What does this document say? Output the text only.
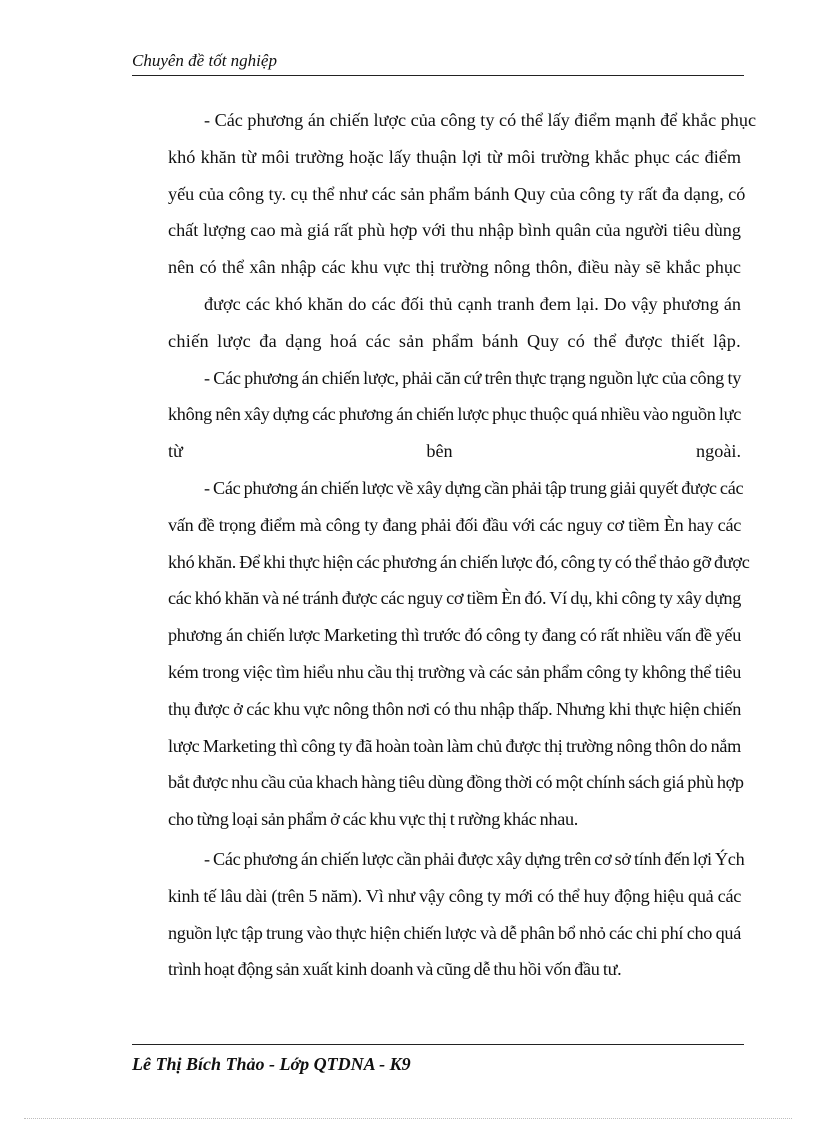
Chuyên đề tốt nghiệp
- Các phương án chiến lược của công ty có thể lấy điểm mạnh để khắc phục
khó khăn từ môi trường hoặc lấy thuận lợi từ môi trường khắc phục các điểm
yếu của công ty. cụ thể như các sản phẩm bánh Quy của công ty rất đa dạng, có
chất lượng cao mà giá rất phù hợp với thu nhập bình quân của người tiêu dùng
nên có thể xân nhập các khu vực thị trường nông thôn, điều này sẽ khắc phục
được các khó khăn do các đối thủ cạnh tranh đem lại. Do vậy phương án
chiến lược đa dạng hoá các sản phẩm bánh Quy có thể được thiết lập.
- Các phương án chiến lược, phải căn cứ trên thực trạng nguồn lực của công ty
không nên xây dựng các phương án chiến lược phục thuộc quá nhiều vào nguồn lực
từ bên ngoài.
- Các phương án chiến lược về xây dựng cần phải tập trung giải quyết được các
vấn đề trọng điểm mà công ty đang phải đối đầu với các nguy cơ tiềm Èn hay các
khó khăn. Để khi thực hiện các phương án chiến lược đó, công ty có thể thảo gỡ được
các khó khăn và né tránh được các nguy cơ tiềm Èn đó. Ví dụ, khi công ty xây dựng
phương án chiến lược Marketing thì trước đó công ty đang có rất nhiều vấn đề yếu
kém trong việc tìm hiểu nhu cầu thị trường và các sản phẩm công ty không thể tiêu
thụ được ở các khu vực nông thôn nơi có thu nhập thấp. Nhưng khi thực hiện chiến
lược Marketing thì công ty đã hoàn toàn làm chủ được thị trường nông thôn do nắm
bắt được nhu cầu của khach hàng tiêu dùng đồng thời có một chính sách giá phù hợp
cho từng loại sản phẩm ở các khu vực thị t rường khác nhau.
- Các phương án chiến lược cần phải được xây dựng trên cơ sở tính đến lợi Ých
kinh tế lâu dài (trên 5 năm). Vì như vậy công ty mới có thể huy động hiệu quả các
nguồn lực tập trung vào thực hiện chiến lược và dễ phân bổ nhỏ các chi phí cho quá
trình hoạt động sản xuất kinh doanh và cũng dễ thu hồi vốn đầu tư.
Lê Thị Bích Thảo - Lớp QTDNA - K9
